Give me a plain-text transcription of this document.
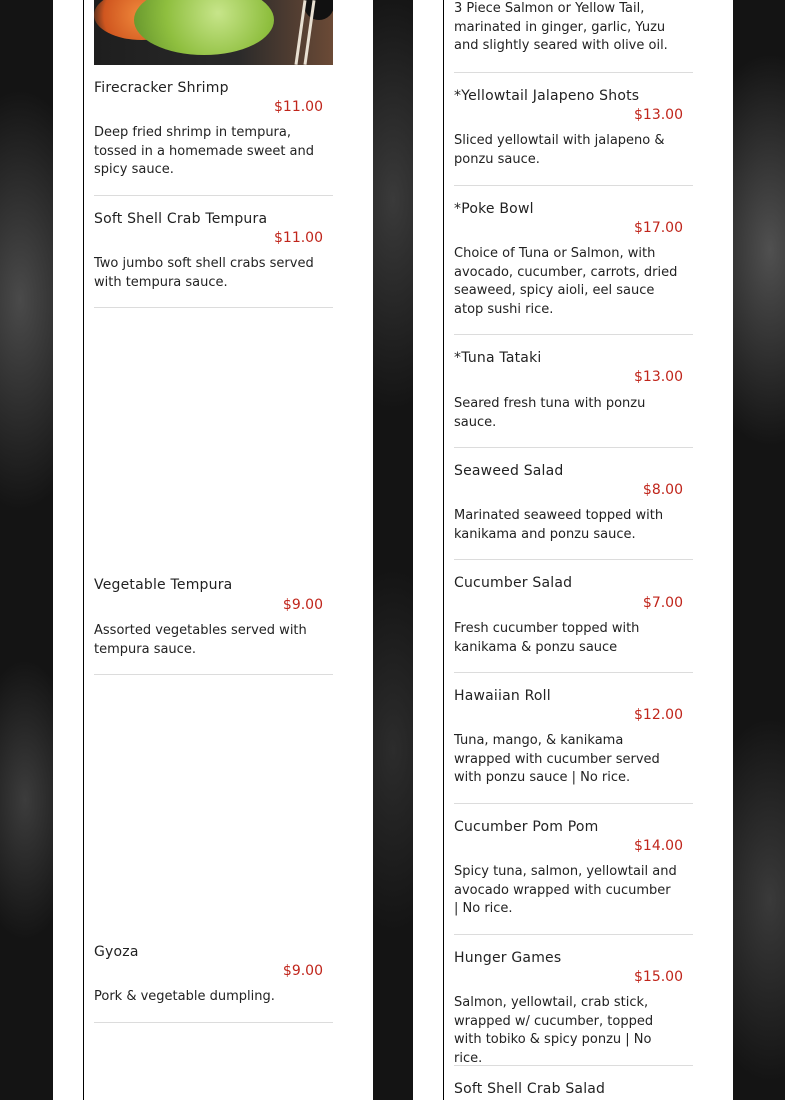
Firecracker Shrimp
$11.00
Deep fried shrimp in tempura, tossed in a homemade sweet and spicy sauce.
Soft Shell Crab Tempura
$11.00
Two jumbo soft shell crabs served with tempura sauce.
Vegetable Tempura
$9.00
Assorted vegetables served with tempura sauce.
Gyoza
$9.00
Pork & vegetable dumpling.
3 Piece Salmon or Yellow Tail, marinated in ginger, garlic, Yuzu and slightly seared with olive oil.
*Yellowtail Jalapeno Shots
$13.00
Sliced yellowtail with jalapeno & ponzu sauce.
*Poke Bowl
$17.00
Choice of Tuna or Salmon, with avocado, cucumber, carrots, dried seaweed, spicy aioli, eel sauce atop sushi rice.
*Tuna Tataki
$13.00
Seared fresh tuna with ponzu sauce.
Seaweed Salad
$8.00
Marinated seaweed topped with kanikama and ponzu sauce.
Cucumber Salad
$7.00
Fresh cucumber topped with kanikama & ponzu sauce
Hawaiian Roll
$12.00
Tuna, mango, & kanikama wrapped with cucumber served with ponzu sauce | No rice.
Cucumber Pom Pom
$14.00
Spicy tuna, salmon, yellowtail and avocado wrapped with cucumber | No rice.
Hunger Games
$15.00
Salmon, yellowtail, crab stick, wrapped w/ cucumber, topped with tobiko & spicy ponzu | No rice.
Soft Shell Crab Salad
